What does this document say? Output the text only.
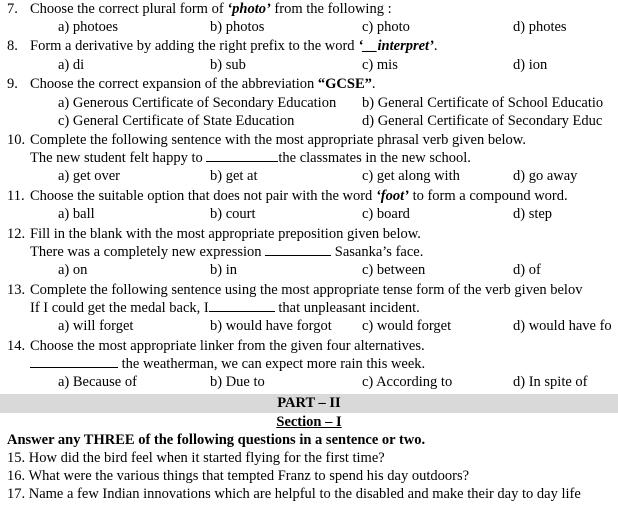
7. Choose the correct plural form of ‘photo’ from the following :
a) photoes	b) photos	c) photo	d) photes
8. Form a derivative by adding the right prefix to the word ‘__interpret’.
a) di	b) sub	c) mis	d) ion
9. Choose the correct expansion of the abbreviation “GCSE”.
a) Generous Certificate of Secondary Education b) General Certificate of School Educatio
c) General Certificate of State Education	d) General Certificate of Secondary Educ
10. Complete the following sentence with the most appropriate phrasal verb given below.
The new student felt happy to	the classmates in the new school.
a) get over	b) get at	c) get along with	d) go away
11. Choose the suitable option that does not pair with the word ‘foot’ to form a compound word.
a) ball	b) court	c) board	d) step
12. Fill in the blank with the most appropriate preposition given below.
There was a completely new expression	Sasanka’s face.
a) on	b) in	c) between	d) of
13. Complete the following sentence using the most appropriate tense form of the verb given belov
If I could get the medal back, I	that unpleasant incident.
a) will forget	b) would have forgot c) would forget	d) would have fo
14. Choose the most appropriate linker from the given four alternatives.
the weatherman, we can expect more rain this week.
a) Because of	b) Due to	c) According to	d) In spite of
PART – II
Section – I
Answer any THREE of the following questions in a sentence or two.
15. How did the bird feel when it started flying for the first time?
16. What were the various things that tempted Franz to spend his day outdoors?
17. Name a few Indian innovations which are helpful to the disabled and make their day to day life
